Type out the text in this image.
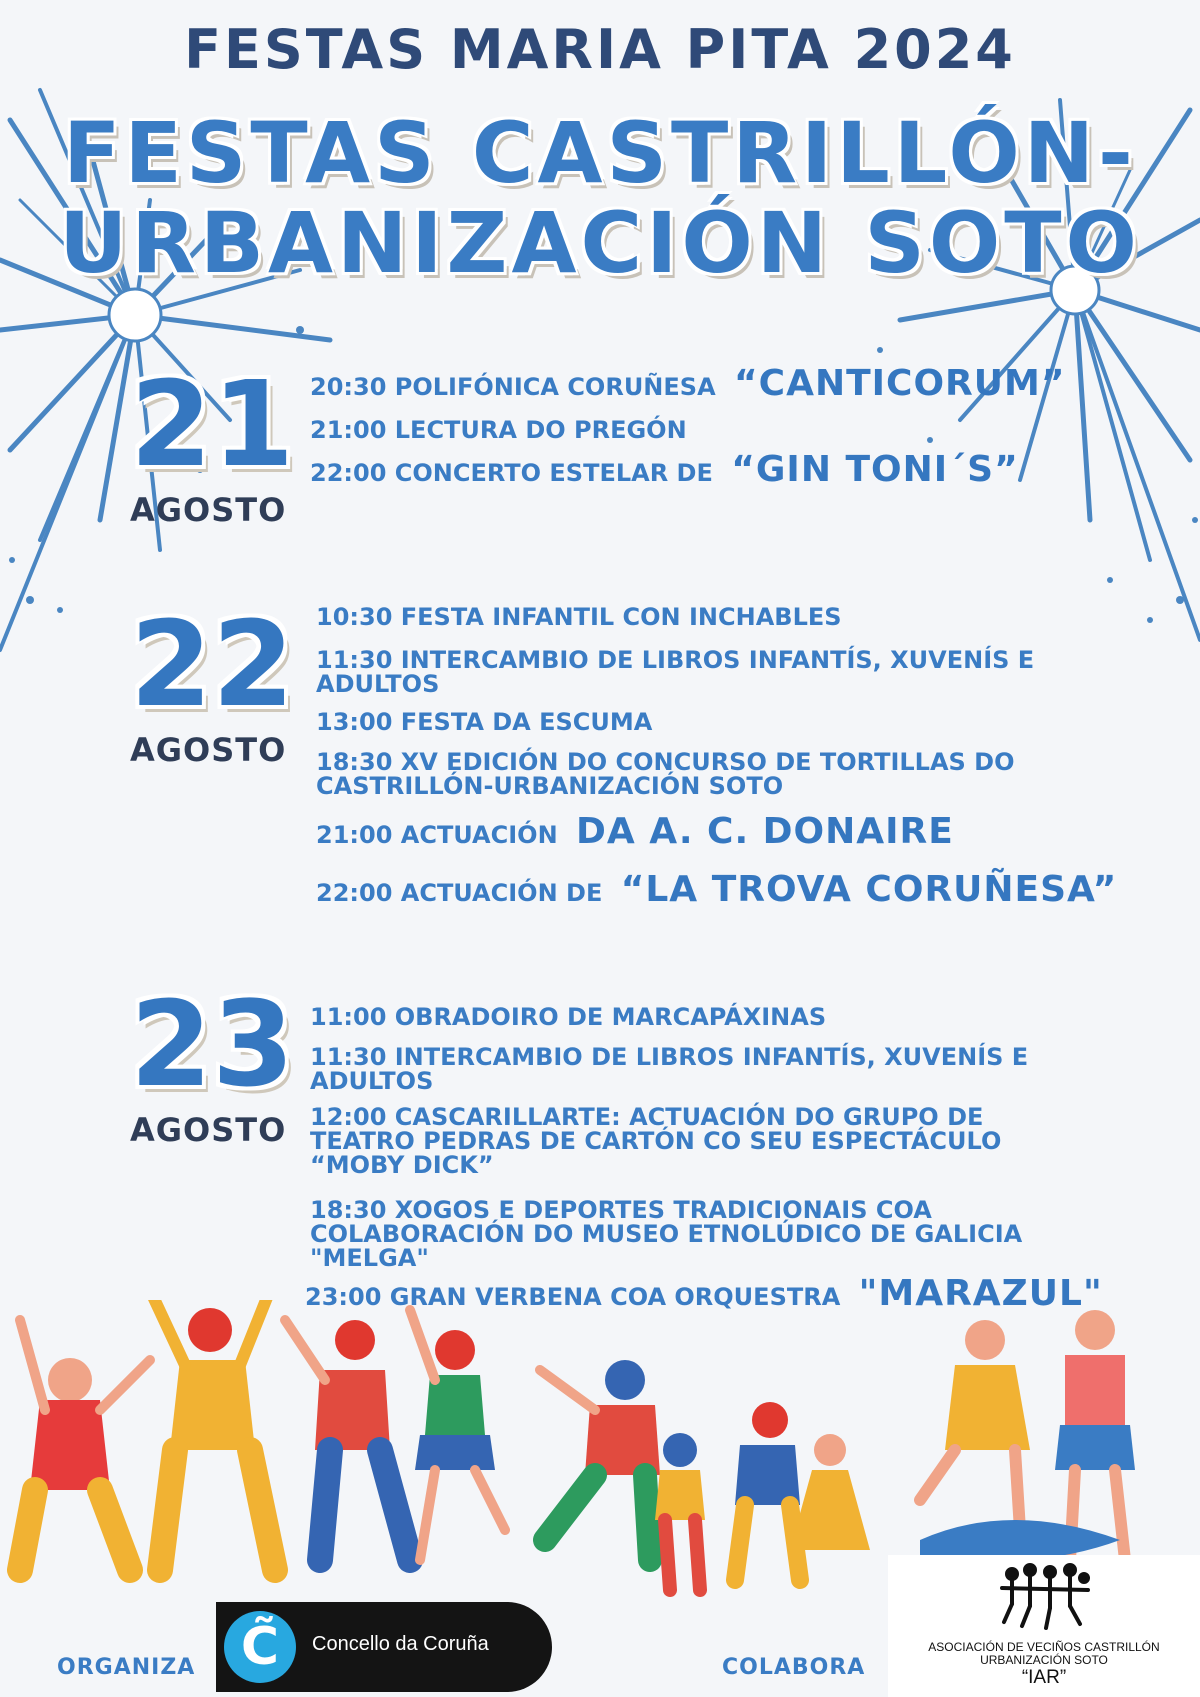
FESTAS MARIA PITA 2024
FESTAS CASTRILLÓN-
URBANIZACIÓN SOTO
21
AGOSTO
20:30 POLIFÓNICA CORUÑESA “CANTICORUM”
21:00 LECTURA DO PREGÓN
22:00 CONCERTO ESTELAR DE “GIN TONI´S”
22
AGOSTO
10:30 FESTA INFANTIL CON INCHABLES
11:30 INTERCAMBIO DE LIBROS INFANTÍS, XUVENÍS E
ADULTOS
13:00 FESTA DA ESCUMA
18:30 XV EDICIÓN DO CONCURSO DE TORTILLAS DO
CASTRILLÓN-URBANIZACIÓN SOTO
21:00 ACTUACIÓN DA A. C. DONAIRE
22:00 ACTUACIÓN DE “LA TROVA CORUÑESA”
23
AGOSTO
11:00 OBRADOIRO DE MARCAPÁXINAS
11:30 INTERCAMBIO DE LIBROS INFANTÍS, XUVENÍS E
ADULTOS
12:00 CASCARILLARTE: ACTUACIÓN DO GRUPO DE
TEATRO PEDRAS DE CARTÓN CO SEU ESPECTÁCULO
“MOBY DICK”
18:30 XOGOS E DEPORTES TRADICIONAIS COA
COLABORACIÓN DO MUSEO ETNOLÚDICO DE GALICIA
"MELGA"
23:00 GRAN VERBENA COA ORQUESTRA "MARAZUL"
ORGANIZA C̃	Concello da Coruña
COLABORA
ASOCIACIÓN DE VECIÑOS CASTRILLÓN
URBANIZACIÓN SOTO
“IAR”
